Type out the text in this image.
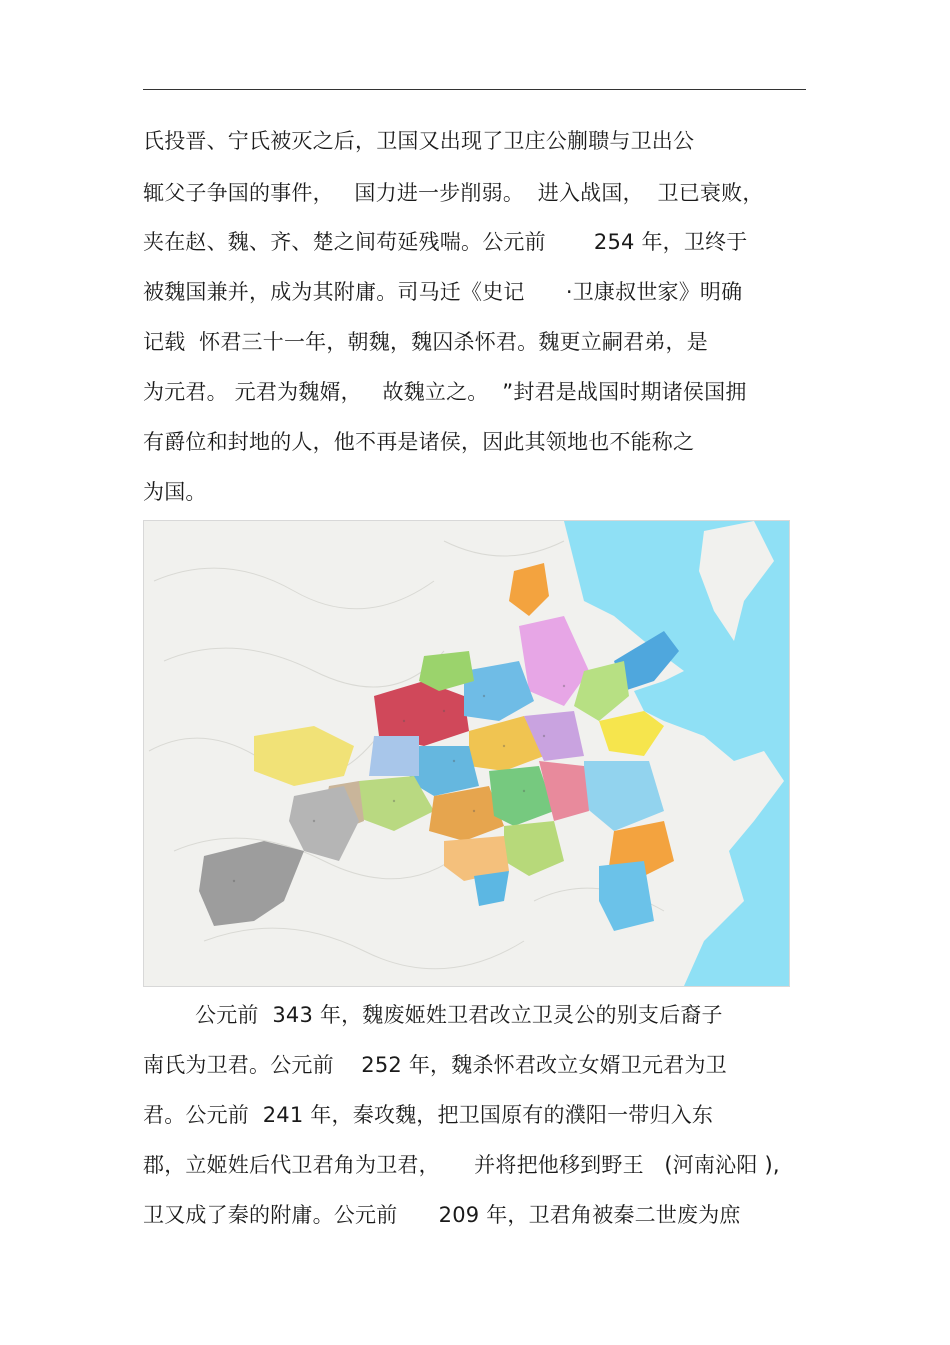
氏投晋、宁氏被灭之后，卫国又出现了卫庄公蒯聩与卫出公
辄父子争国的事件，   国力进一步削弱。  进入战国，  卫已衰败，
夹在赵、魏、齐、楚之间苟延残喘。公元前       254 年，卫终于
被魏国兼并，成为其附庸。司马迁《史记      ·卫康叔世家》明确
记载  怀君三十一年，朝魏，魏囚杀怀君。魏更立嗣君弟，是
为元君。 元君为魏婿，   故魏立之。  ”封君是战国时期诸侯国拥
有爵位和封地的人，他不再是诸侯，因此其领地也不能称之
为国。
公元前  343 年，魏废姬姓卫君改立卫灵公的别支后裔子
南氏为卫君。公元前    252 年，魏杀怀君改立女婿卫元君为卫
君。公元前  241 年，秦攻魏，把卫国原有的濮阳一带归入东
郡，立姬姓后代卫君角为卫君，     并将把他移到野王   (河南沁阳 ),
卫又成了秦的附庸。公元前      209 年，卫君角被秦二世废为庶
